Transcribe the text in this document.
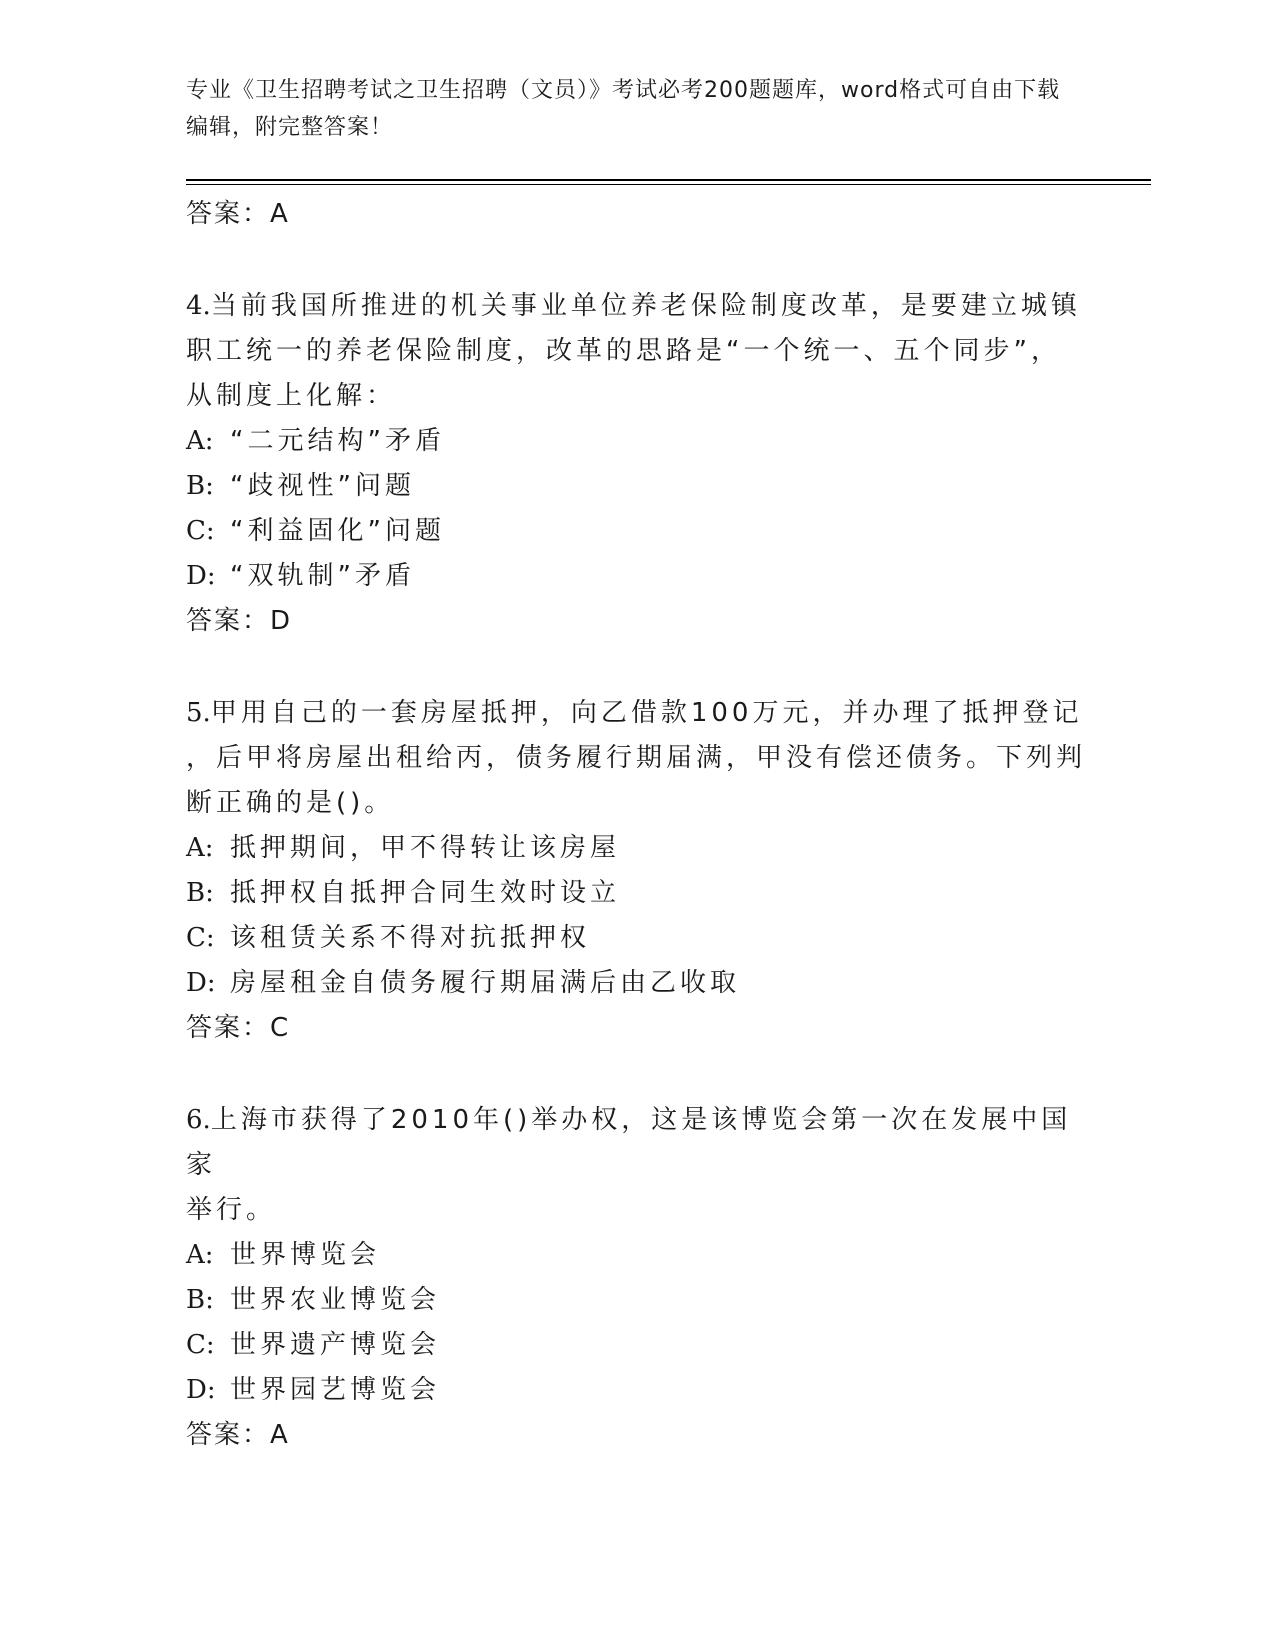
专业《卫生招聘考试之卫生招聘（文员）》考试必考200题题库，word格式可自由下载编辑，附完整答案！
答案：A
4.当前我国所推进的机关事业单位养老保险制度改革，是要建立城镇
职工统一的养老保险制度，改革的思路是“一个统一、五个同步”，
从制度上化解：
A: “二元结构”矛盾
B: “歧视性”问题
C: “利益固化”问题
D: “双轨制”矛盾
答案：D
5.甲用自己的一套房屋抵押，向乙借款100万元，并办理了抵押登记
，后甲将房屋出租给丙，债务履行期届满，甲没有偿还债务。下列判
断正确的是()。
A: 抵押期间，甲不得转让该房屋
B: 抵押权自抵押合同生效时设立
C: 该租赁关系不得对抗抵押权
D: 房屋租金自债务履行期届满后由乙收取
答案：C
6.上海市获得了2010年()举办权，这是该博览会第一次在发展中国家
举行。
A: 世界博览会
B: 世界农业博览会
C: 世界遗产博览会
D: 世界园艺博览会
答案：A
